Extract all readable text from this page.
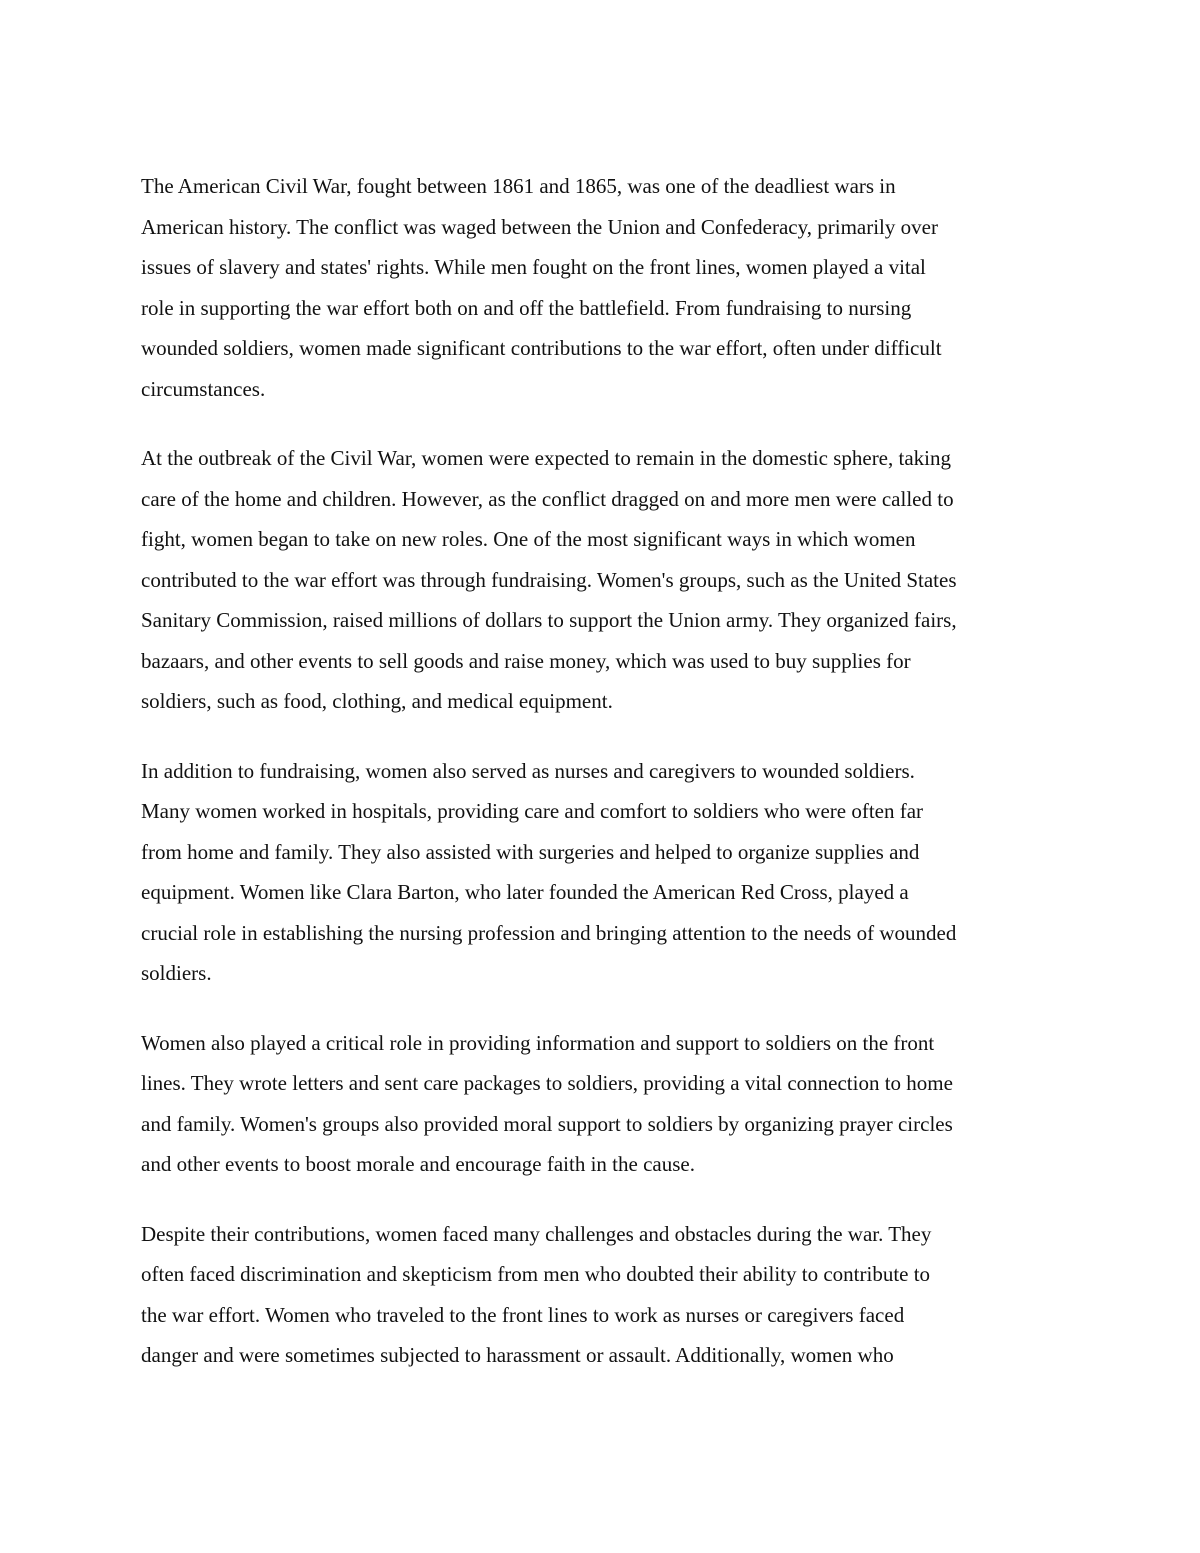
The American Civil War, fought between 1861 and 1865, was one of the deadliest wars in
American history. The conflict was waged between the Union and Confederacy, primarily over
issues of slavery and states' rights. While men fought on the front lines, women played a vital
role in supporting the war effort both on and off the battlefield. From fundraising to nursing
wounded soldiers, women made significant contributions to the war effort, often under difficult
circumstances.

At the outbreak of the Civil War, women were expected to remain in the domestic sphere, taking
care of the home and children. However, as the conflict dragged on and more men were called to
fight, women began to take on new roles. One of the most significant ways in which women
contributed to the war effort was through fundraising. Women's groups, such as the United States
Sanitary Commission, raised millions of dollars to support the Union army. They organized fairs,
bazaars, and other events to sell goods and raise money, which was used to buy supplies for
soldiers, such as food, clothing, and medical equipment.

In addition to fundraising, women also served as nurses and caregivers to wounded soldiers.
Many women worked in hospitals, providing care and comfort to soldiers who were often far
from home and family. They also assisted with surgeries and helped to organize supplies and
equipment. Women like Clara Barton, who later founded the American Red Cross, played a
crucial role in establishing the nursing profession and bringing attention to the needs of wounded
soldiers.

Women also played a critical role in providing information and support to soldiers on the front
lines. They wrote letters and sent care packages to soldiers, providing a vital connection to home
and family. Women's groups also provided moral support to soldiers by organizing prayer circles
and other events to boost morale and encourage faith in the cause.

Despite their contributions, women faced many challenges and obstacles during the war. They
often faced discrimination and skepticism from men who doubted their ability to contribute to
the war effort. Women who traveled to the front lines to work as nurses or caregivers faced
danger and were sometimes subjected to harassment or assault. Additionally, women who
